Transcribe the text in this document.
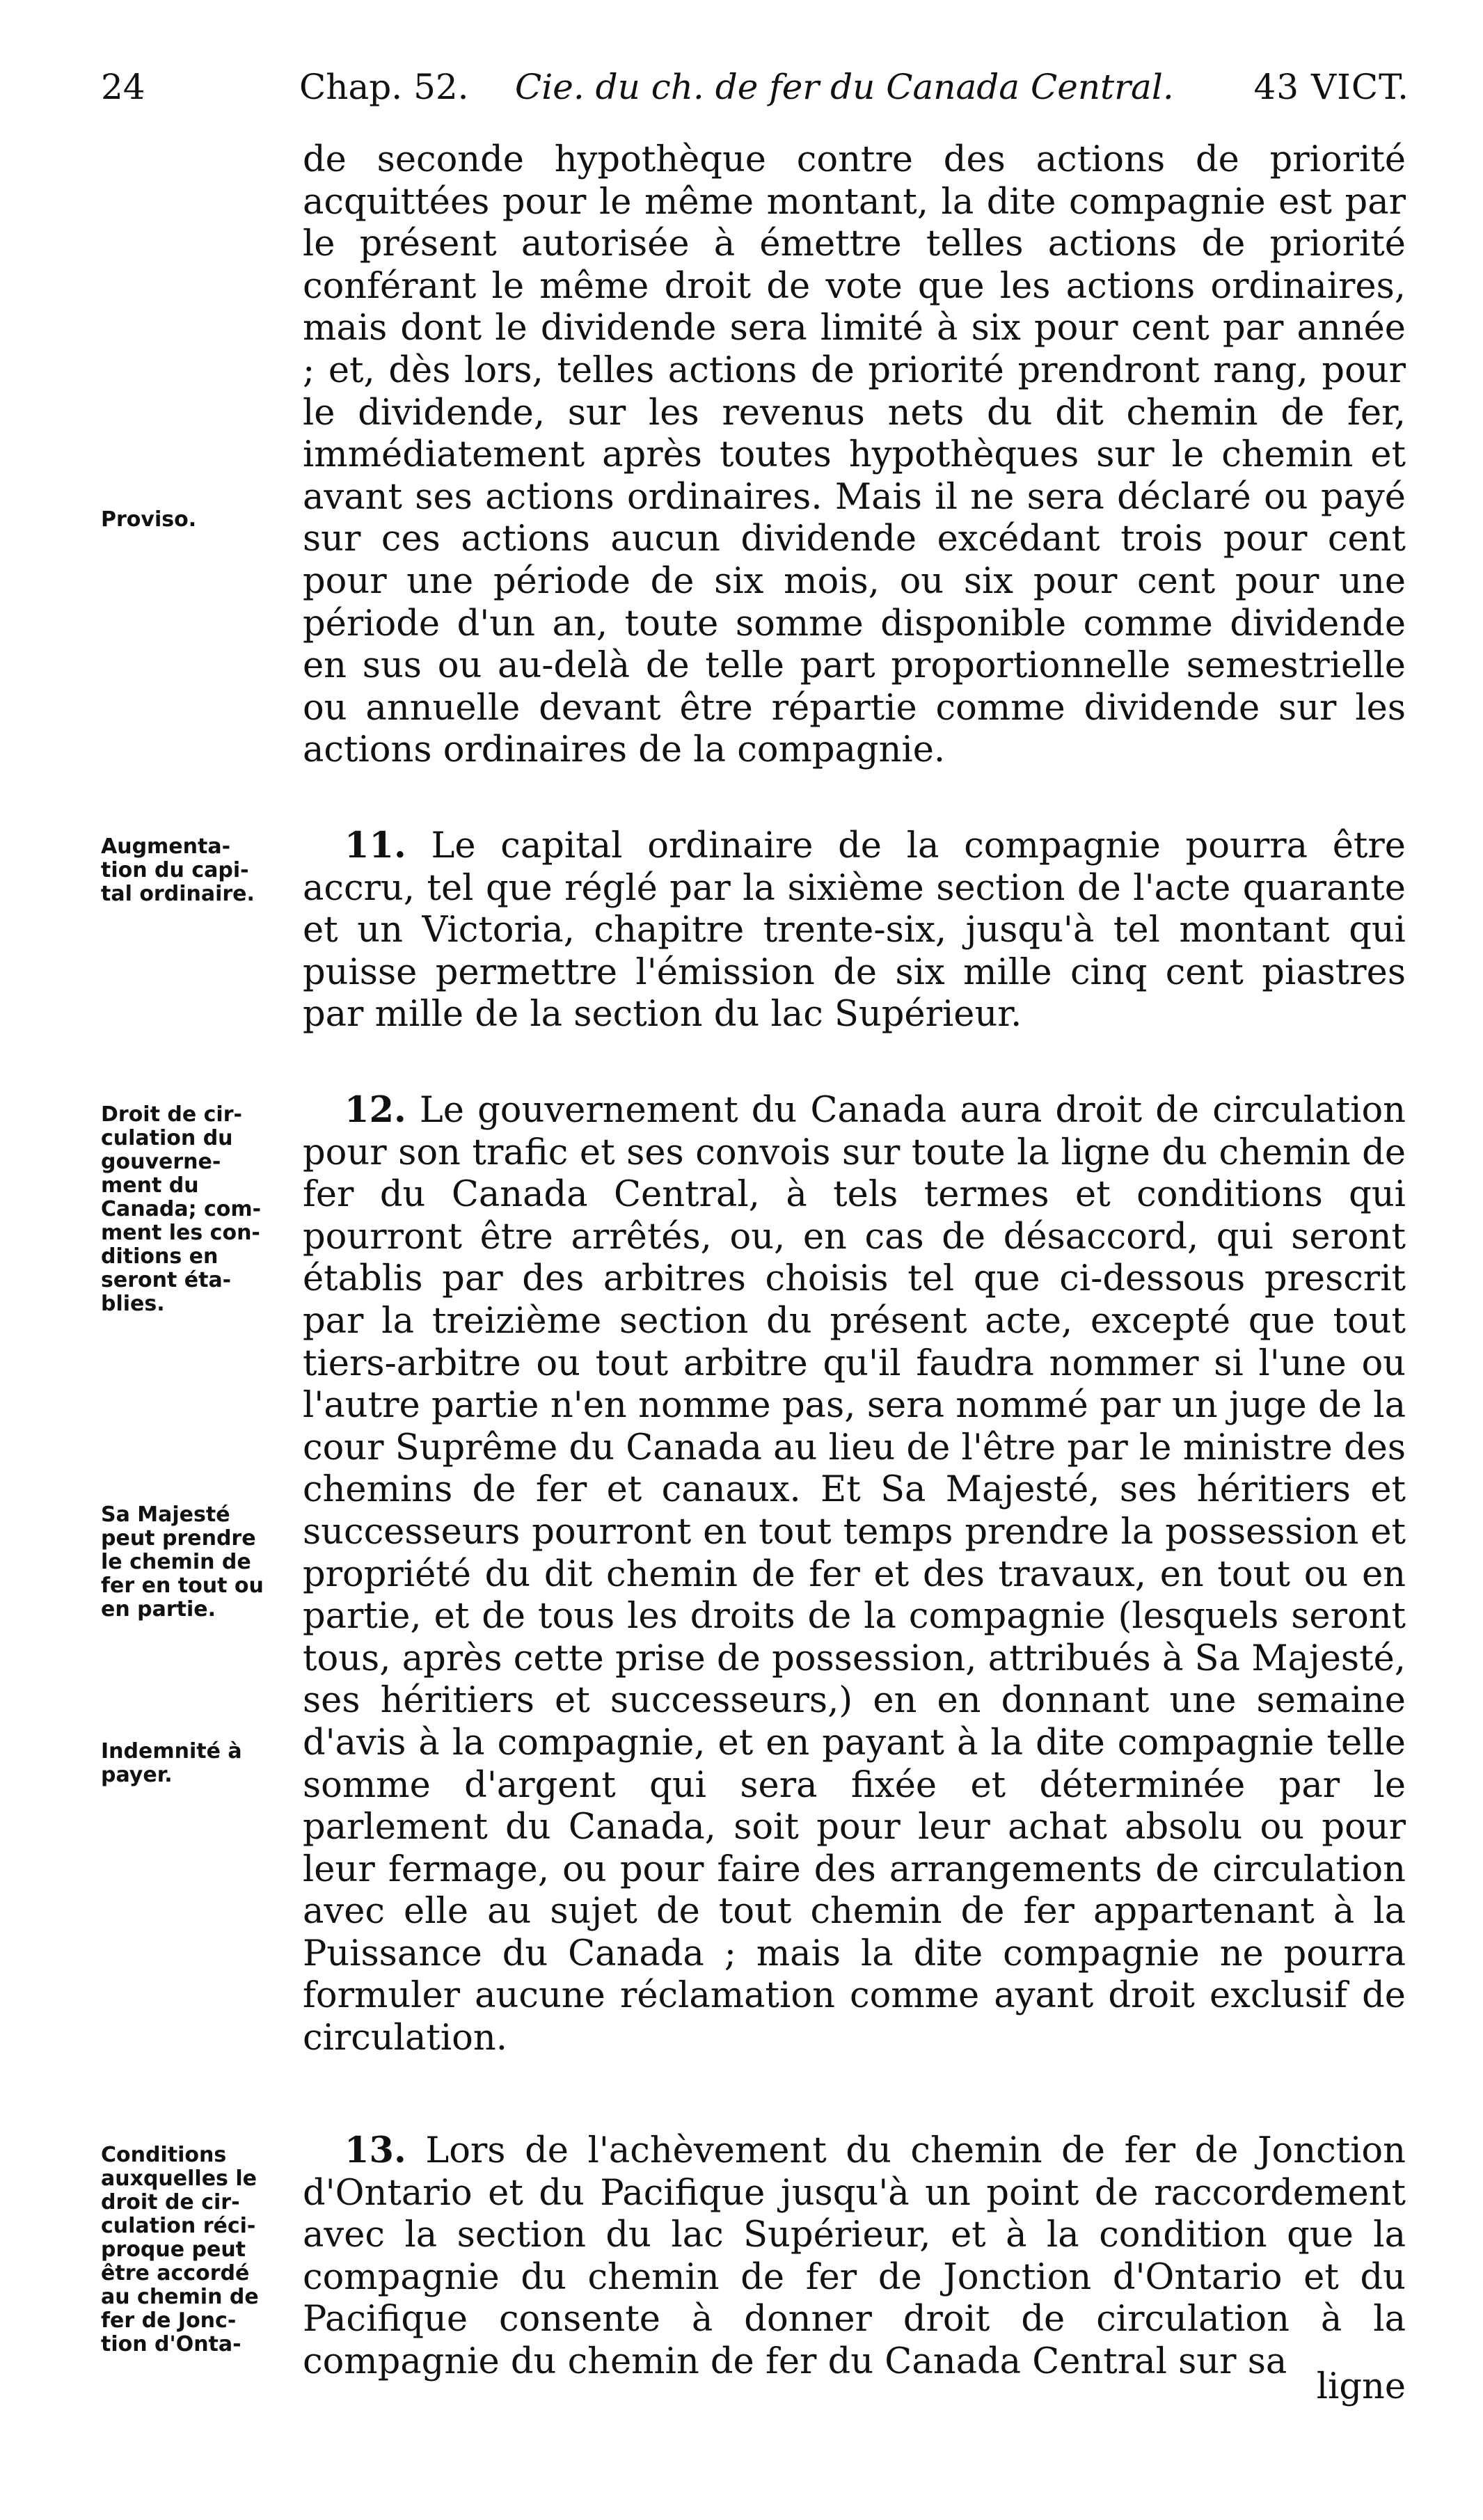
24	Chap. 52. Cie. du ch. de fer du Canada Central. 43 VICT.
Proviso.
Augmenta-
tion du capi-
tal ordinaire.
Droit de cir-
culation du
gouverne-
ment du
Canada; com-
ment les con-
ditions en
seront éta-
blies.
Sa Majesté
peut prendre
le chemin de
fer en tout ou
en partie.
Indemnité à
payer.
Conditions
auxquelles le
droit de cir-
culation réci-
proque peut
être accordé
au chemin de
fer de Jonc-
tion d'Onta-

de seconde hypothèque contre des actions de priorité acquittées pour le même montant, la dite compagnie est par le présent autorisée à émettre telles actions de priorité conférant le même droit de vote que les actions ordinaires, mais dont le dividende sera limité à six pour cent par année ; et, dès lors, telles actions de priorité prendront rang, pour le dividende, sur les revenus nets du dit chemin de fer, immédiatement après toutes hypothèques sur le chemin et avant ses actions ordinaires. Mais il ne sera déclaré ou payé sur ces actions aucun dividende excédant trois pour cent pour une période de six mois, ou six pour cent pour une période d'un an, toute somme disponible comme dividende en sus ou au-delà de telle part proportionnelle semestrielle ou annuelle devant être répartie comme dividende sur les actions ordinaires de la compagnie.

11. Le capital ordinaire de la compagnie pourra être accru, tel que réglé par la sixième section de l'acte quarante et un Victoria, chapitre trente-six, jusqu'à tel montant qui puisse permettre l'émission de six mille cinq cent piastres par mille de la section du lac Supérieur.

12. Le gouvernement du Canada aura droit de circulation pour son trafic et ses convois sur toute la ligne du chemin de fer du Canada Central, à tels termes et conditions qui pourront être arrêtés, ou, en cas de désaccord, qui seront établis par des arbitres choisis tel que ci-dessous prescrit par la treizième section du présent acte, excepté que tout tiers-arbitre ou tout arbitre qu'il faudra nommer si l'une ou l'autre partie n'en nomme pas, sera nommé par un juge de la cour Suprême du Canada au lieu de l'être par le ministre des chemins de fer et canaux. Et Sa Majesté, ses héritiers et successeurs pourront en tout temps prendre la possession et propriété du dit chemin de fer et des travaux, en tout ou en partie, et de tous les droits de la compagnie (lesquels seront tous, après cette prise de possession, attribués à Sa Majesté, ses héritiers et successeurs,) en en donnant une semaine d'avis à la compagnie, et en payant à la dite compagnie telle somme d'argent qui sera fixée et déterminée par le parlement du Canada, soit pour leur achat absolu ou pour leur fermage, ou pour faire des arrangements de circulation avec elle au sujet de tout chemin de fer appartenant à la Puissance du Canada ; mais la dite compagnie ne pourra formuler aucune réclamation comme ayant droit exclusif de circulation.

13. Lors de l'achèvement du chemin de fer de Jonction d'Ontario et du Pacifique jusqu'à un point de raccordement avec la section du lac Supérieur, et à la condition que la compagnie du chemin de fer de Jonction d'Ontario et du Pacifique consente à donner droit de circulation à la compagnie du chemin de fer du Canada Central sur sa

ligne
